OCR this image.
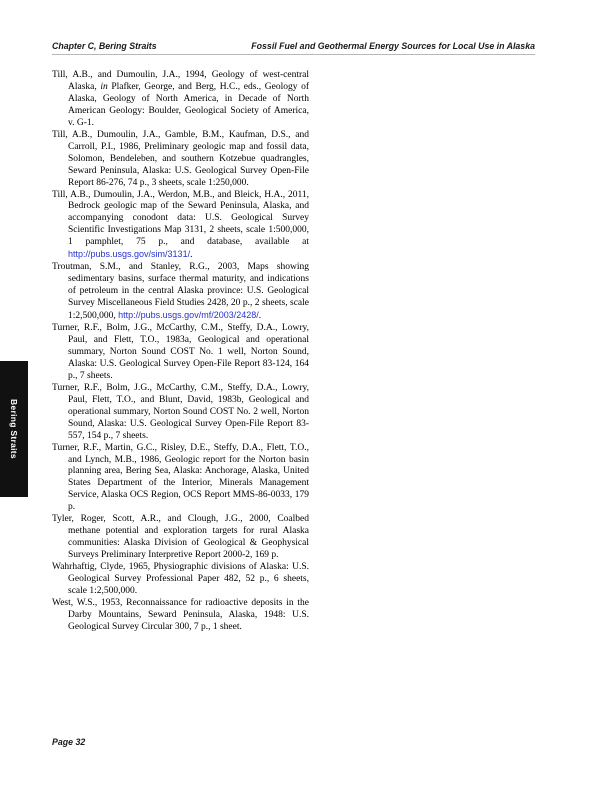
Chapter C, Bering Straits	Fossil Fuel and Geothermal Energy Sources for Local Use in Alaska

Till, A.B., and Dumoulin, J.A., 1994, Geology of west-central Alaska, in Plafker, George, and Berg, H.C., eds., Geology of Alaska, Geology of North America, in Decade of North American Geology: Boulder, Geological Society of America, v. G-1.

Till, A.B., Dumoulin, J.A., Gamble, B.M., Kaufman, D.S., and Carroll, P.I., 1986, Preliminary geologic map and fossil data, Solomon, Bendeleben, and southern Kotzebue quadrangles, Seward Peninsula, Alaska: U.S. Geological Survey Open-File Report 86-276, 74 p., 3 sheets, scale 1:250,000.

Till, A.B., Dumoulin, J.A., Werdon, M.B., and Bleick, H.A., 2011, Bedrock geologic map of the Seward Peninsula, Alaska, and accompanying conodont data: U.S. Geological Survey Scientific Investigations Map 3131, 2 sheets, scale 1:500,000, 1 pamphlet, 75 p., and database, available at http://pubs.usgs.gov/sim/3131/.

Troutman, S.M., and Stanley, R.G., 2003, Maps showing sedimentary basins, surface thermal maturity, and indications of petroleum in the central Alaska province: U.S. Geological Survey Miscellaneous Field Studies 2428, 20 p., 2 sheets, scale 1:2,500,000, http://pubs.usgs.gov/mf/2003/2428/.

Turner, R.F., Bolm, J.G., McCarthy, C.M., Steffy, D.A., Lowry, Paul, and Flett, T.O., 1983a, Geological and operational summary, Norton Sound COST No. 1 well, Norton Sound, Alaska: U.S. Geological Survey Open-File Report 83-124, 164 p., 7 sheets.

Turner, R.F., Bolm, J.G., McCarthy, C.M., Steffy, D.A., Lowry, Paul, Flett, T.O., and Blunt, David, 1983b, Geological and operational summary, Norton Sound COST No. 2 well, Norton Sound, Alaska: U.S. Geological Survey Open-File Report 83-557, 154 p., 7 sheets.

Turner, R.F., Martin, G.C., Risley, D.E., Steffy, D.A., Flett, T.O., and Lynch, M.B., 1986, Geologic report for the Norton basin planning area, Bering Sea, Alaska: Anchorage, Alaska, United States Department of the Interior, Minerals Management Service, Alaska OCS Region, OCS Report MMS-86-0033, 179 p.

Tyler, Roger, Scott, A.R., and Clough, J.G., 2000, Coalbed methane potential and exploration targets for rural Alaska communities: Alaska Division of Geological & Geophysical Surveys Preliminary Interpretive Report 2000-2, 169 p.

Wahrhaftig, Clyde, 1965, Physiographic divisions of Alaska: U.S. Geological Survey Professional Paper 482, 52 p., 6 sheets, scale 1:2,500,000.

West, W.S., 1953, Reconnaissance for radioactive deposits in the Darby Mountains, Seward Peninsula, Alaska, 1948: U.S. Geological Survey Circular 300, 7 p., 1 sheet.

Bering Straits
Page 32
